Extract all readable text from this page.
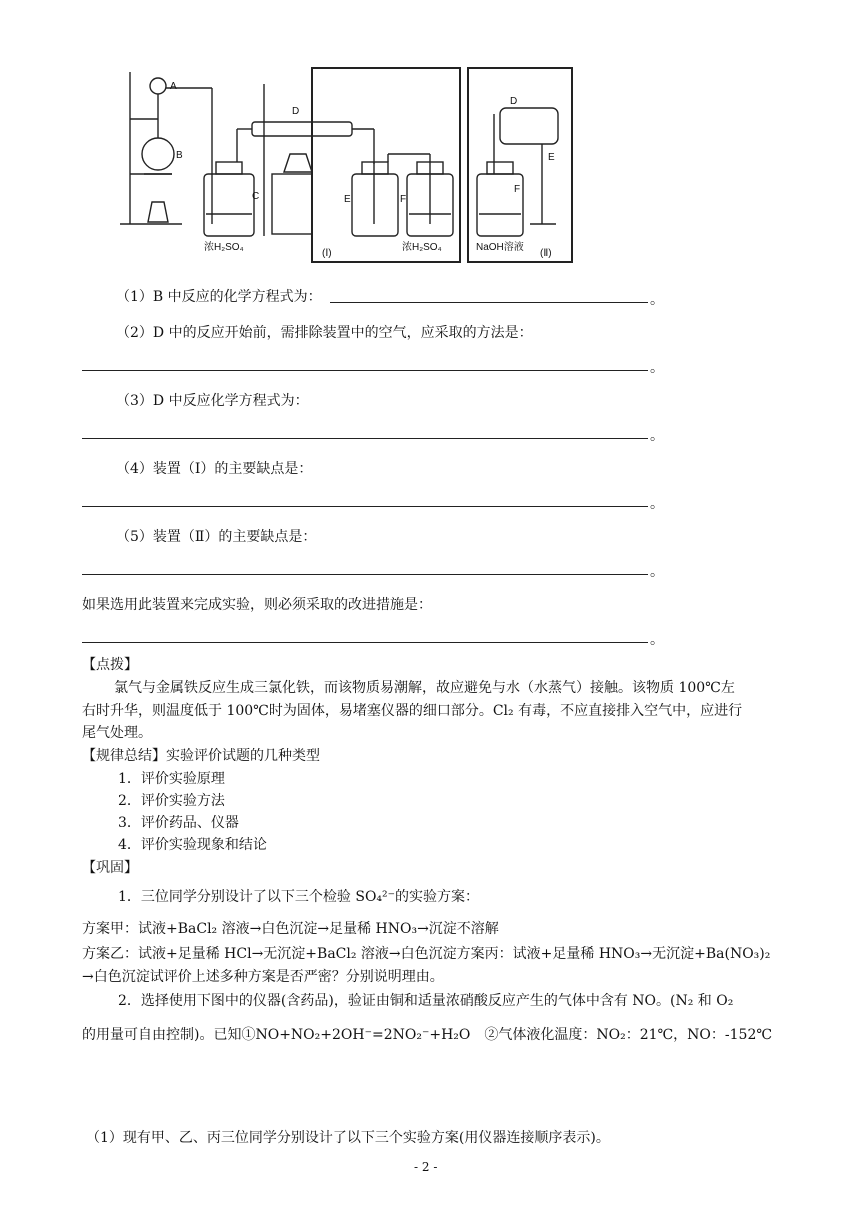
A
B
C
D
E	F
D
E
F
浓H₂SO₄
(Ⅰ)
浓H₂SO₄	NaOH溶液
(Ⅱ)
（1）B 中反应的化学方程式为：	。
（2）D 中的反应开始前，需排除装置中的空气，应采取的方法是：
。
（3）D 中反应化学方程式为：
。
（4）装置（Ⅰ）的主要缺点是：
。
（5）装置（Ⅱ）的主要缺点是：
。
如果选用此装置来完成实验，则必须采取的改进措施是：
。
【点拨】
氯气与金属铁反应生成三氯化铁，而该物质易潮解，故应避免与水（水蒸气）接触。该物质 100℃左
右时升华，则温度低于 100℃时为固体，易堵塞仪器的细口部分。Cl₂ 有毒，不应直接排入空气中，应进行
尾气处理。
【规律总结】实验评价试题的几种类型
1．评价实验原理
2．评价实验方法
3．评价药品、仪器
4．评价实验现象和结论
【巩固】
1．三位同学分别设计了以下三个检验 SO₄²⁻的实验方案：
方案甲：试液+BaCl₂ 溶液→白色沉淀→足量稀 HNO₃→沉淀不溶解
方案乙：试液+足量稀 HCl→无沉淀+BaCl₂ 溶液→白色沉淀方案丙：试液+足量稀 HNO₃→无沉淀+Ba(NO₃)₂
→白色沉淀试评价上述多种方案是否严密？分别说明理由。
2．选择使用下图中的仪器(含药品)，验证由铜和适量浓硝酸反应产生的气体中含有 NO。(N₂ 和 O₂
的用量可自由控制)。已知①NO+NO₂+2OH⁻=2NO₂⁻+H₂O　②气体液化温度：NO₂：21℃，NO：-152℃
（1）现有甲、乙、丙三位同学分别设计了以下三个实验方案(用仪器连接顺序表示)。
- 2 -
